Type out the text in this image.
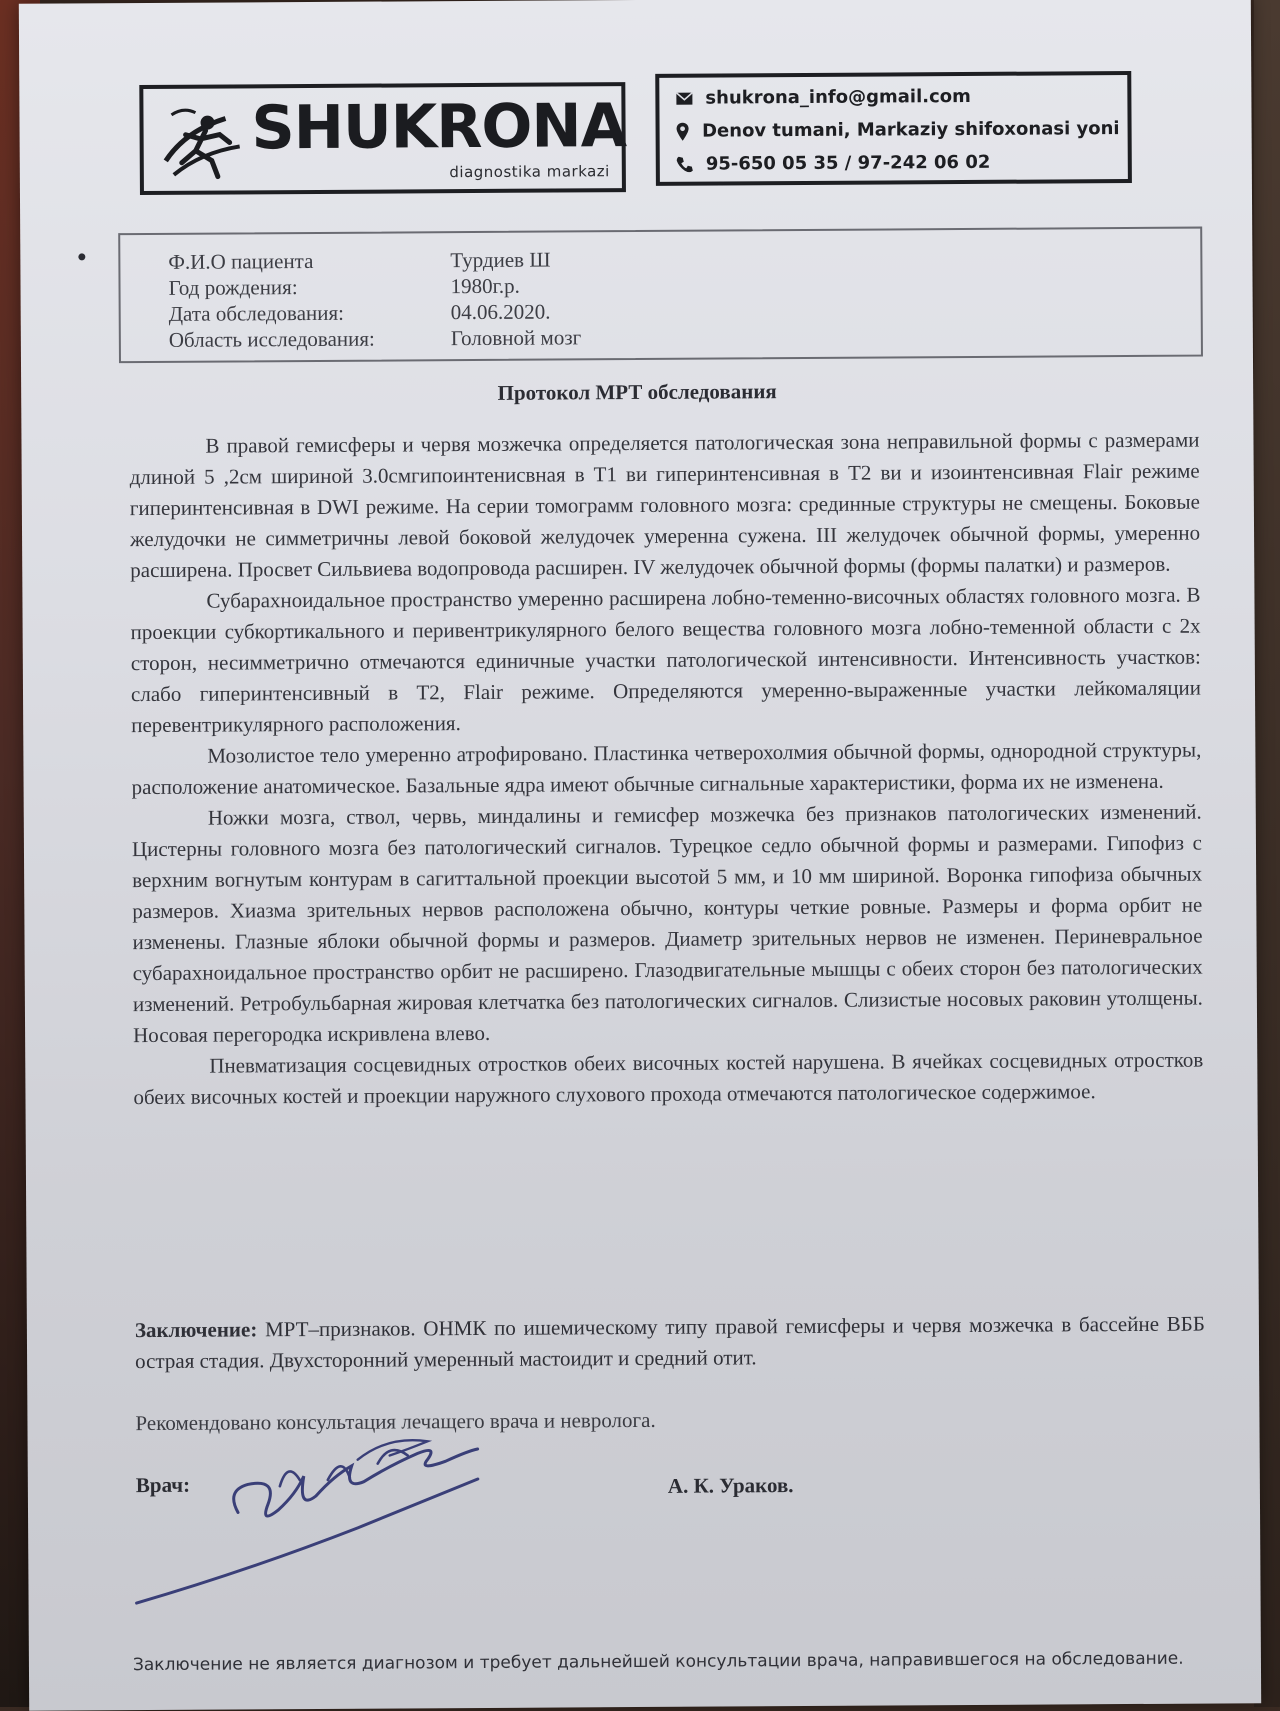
SHUKRONA
diagnostika markazi
shukrona_info@gmail.com
Denov tumani, Markaziy shifoxonasi yoni
95-650 05 35 / 97-242 06 02
Ф.И.О пациента	Турдиев Ш
Год рождения:	1980г.р.
Дата обследования:	04.06.2020.
Область исследования:	Головной мозг
Протокол МРТ обследования

В правой гемисферы и червя мозжечка определяется патологическая зона неправильной формы с размерами длиной 5 ,2см шириной 3.0смгипоинтенисвная в Т1 ви гиперинтенсивная в Т2 ви и изоинтенсивная Flair режиме гиперинтенсивная в DWI режиме. На серии томограмм головного мозга: срединные структуры не смещены. Боковые желудочки не симметричны левой боковой желудочек умеренна сужена. III желудочек обычной формы, умеренно расширена. Просвет Сильвиева водопровода расширен. IV желудочек обычной формы (формы палатки) и размеров.

Субарахноидальное пространство умеренно расширена лобно-теменно-височных областях головного мозга. В проекции субкортикального и перивентрикулярного белого вещества головного мозга лобно-теменной области с 2х сторон, несимметрично отмечаются единичные участки патологической интенсивности. Интенсивность участков: слабо гиперинтенсивный в Т2, Flair режиме. Определяются умеренно-выраженные участки лейкомаляции перевентрикулярного расположения.

Мозолистое тело умеренно атрофировано. Пластинка четверохолмия обычной формы, однородной структуры, расположение анатомическое. Базальные ядра имеют обычные сигнальные характеристики, форма их не изменена.

Ножки мозга, ствол, червь, миндалины и гемисфер мозжечка без признаков патологических изменений. Цистерны головного мозга без патологический сигналов. Турецкое седло обычной формы и размерами. Гипофиз с верхним вогнутым контурам в сагиттальной проекции высотой 5 мм, и 10 мм шириной. Воронка гипофиза обычных размеров. Хиазма зрительных нервов расположена обычно, контуры четкие ровные. Размеры и форма орбит не изменены. Глазные яблоки обычной формы и размеров. Диаметр зрительных нервов не изменен. Периневральное субарахноидальное пространство орбит не расширено. Глазодвигательные мышцы с обеих сторон без патологических изменений. Ретробульбарная жировая клетчатка без патологических сигналов. Слизистые носовых раковин утолщены. Носовая перегородка искривлена влево.

Пневматизация сосцевидных отростков обеих височных костей нарушена. В ячейках сосцевидных отростков обеих височных костей и проекции наружного слухового прохода отмечаются патологическое содержимое.

Заключение: МРТ–признаков. ОНМК по ишемическому типу правой гемисферы и червя мозжечка в бассейне ВББ острая стадия. Двухсторонний умеренный мастоидит и средний отит.
Рекомендовано консультация лечащего врача и невролога.
Врач:	А. К. Ураков.
Заключение не является диагнозом и требует дальнейшей консультации врача, направившегося на обследование.
